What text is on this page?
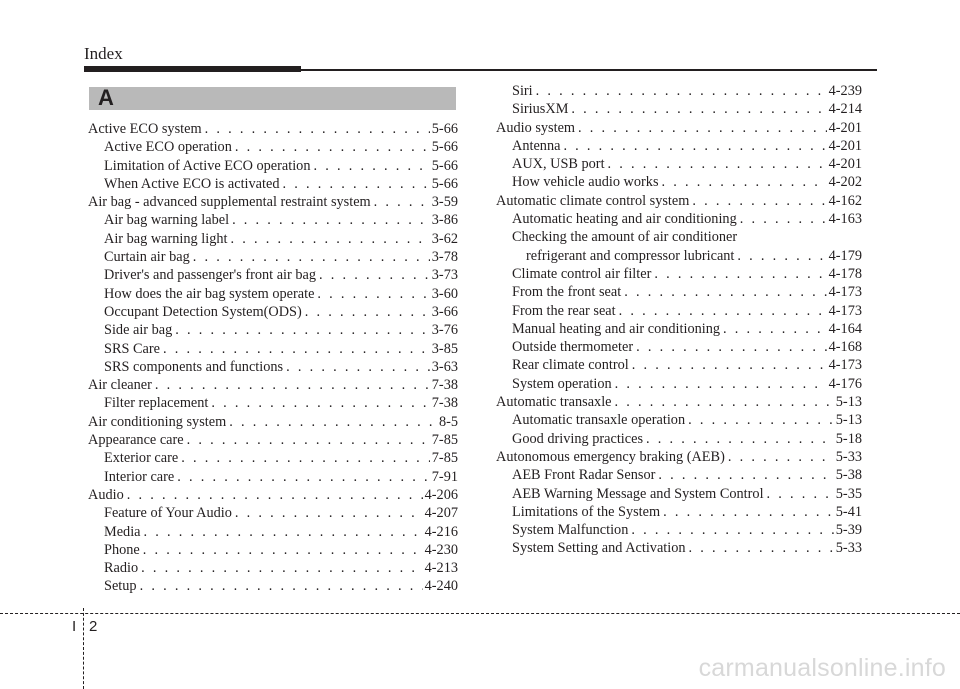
Index
A
Active ECO system . . .	5-66
Active ECO operation . . .	5-66
Limitation of Active ECO operation . . .	5-66
When Active ECO is activated . . .	5-66
Air bag - advanced supplemental restraint system . . .	3-59
Air bag warning label . . .	3-86
Air bag warning light . . .	3-62
Curtain air bag . . .	3-78
Driver's and passenger's front air bag . . .	3-73
How does the air bag system operate . . .	3-60
Occupant Detection System(ODS) . . .	3-66
Side air bag . . .	3-76
SRS Care . . .	3-85
SRS components and functions . . .	3-63
Air cleaner . . .	7-38
Filter replacement . . .	7-38
Air conditioning system . . .	8-5
Appearance care . . .	7-85
Exterior care . . .	7-85
Interior care . . .	7-91
Audio . . .	4-206
Feature of Your Audio . . .	4-207
Media . . .	4-216
Phone . . .	4-230
Radio . . .	4-213
Setup . . .	4-240
Siri . . .	4-239
SiriusXM . . .	4-214
Audio system . . .	4-201
Antenna . . .	4-201
AUX, USB port . . .	4-201
How vehicle audio works . . .	4-202
Automatic climate control system . . .	4-162
Automatic heating and air conditioning . . .	4-163
Checking the amount of air conditioner
refrigerant and compressor lubricant . . .	4-179
Climate control air filter . . .	4-178
From the front seat . . .	4-173
From the rear seat . . .	4-173
Manual heating and air conditioning . . .	4-164
Outside thermometer . . .	4-168
Rear climate control . . .	4-173
System operation . . .	4-176
Automatic transaxle . . .	5-13
Automatic transaxle operation . . .	5-13
Good driving practices . . .	5-18
Autonomous emergency braking (AEB) . . .	5-33
AEB Front Radar Sensor . . .	5-38
AEB Warning Message and System Control . . .	5-35
Limitations of the System . . .	5-41
System Malfunction . . .	5-39
System Setting and Activation . . .	5-33
I 2
carmanualsonline.info
